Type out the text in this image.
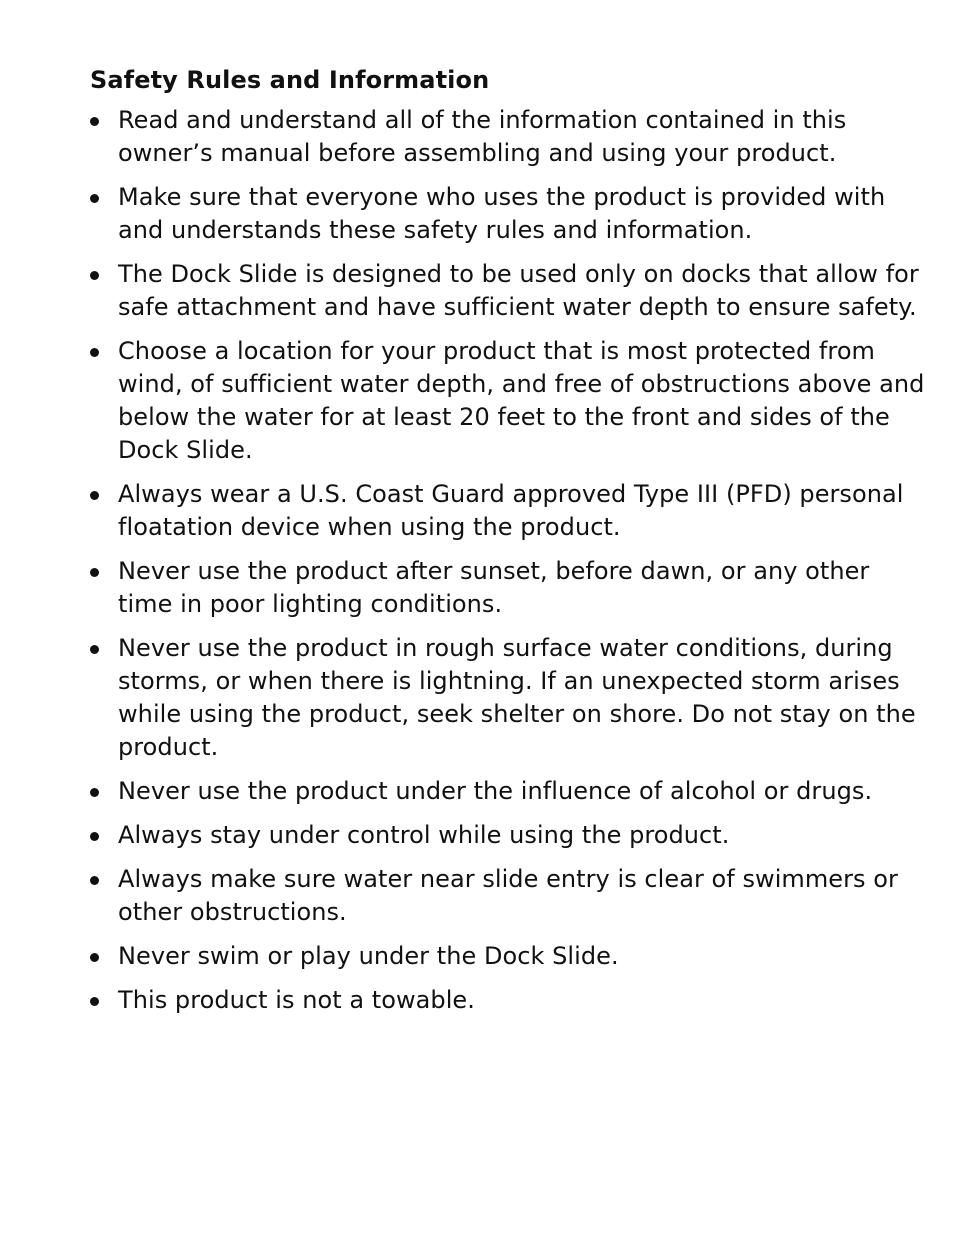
Safety Rules and Information
Read and understand all of the information contained in this owner’s manual before assembling and using your product.
Make sure that everyone who uses the product is provided with and understands these safety rules and information.
The Dock Slide is designed to be used only on docks that allow for safe attachment and have sufficient water depth to ensure safety.
Choose a location for your product that is most protected from wind, of sufficient water depth, and free of obstructions above and below the water for at least 20 feet to the front and sides of the Dock Slide.
Always wear a U.S. Coast Guard approved Type III (PFD) personal floatation device when using the product.
Never use the product after sunset, before dawn, or any other time in poor lighting conditions.
Never use the product in rough surface water conditions, during storms, or when there is lightning. If an unexpected storm arises while using the product, seek shelter on shore. Do not stay on the product.
Never use the product under the influence of alcohol or drugs.
Always stay under control while using the product.
Always make sure water near slide entry is clear of swimmers or other obstructions.
Never swim or play under the Dock Slide.
This product is not a towable.
